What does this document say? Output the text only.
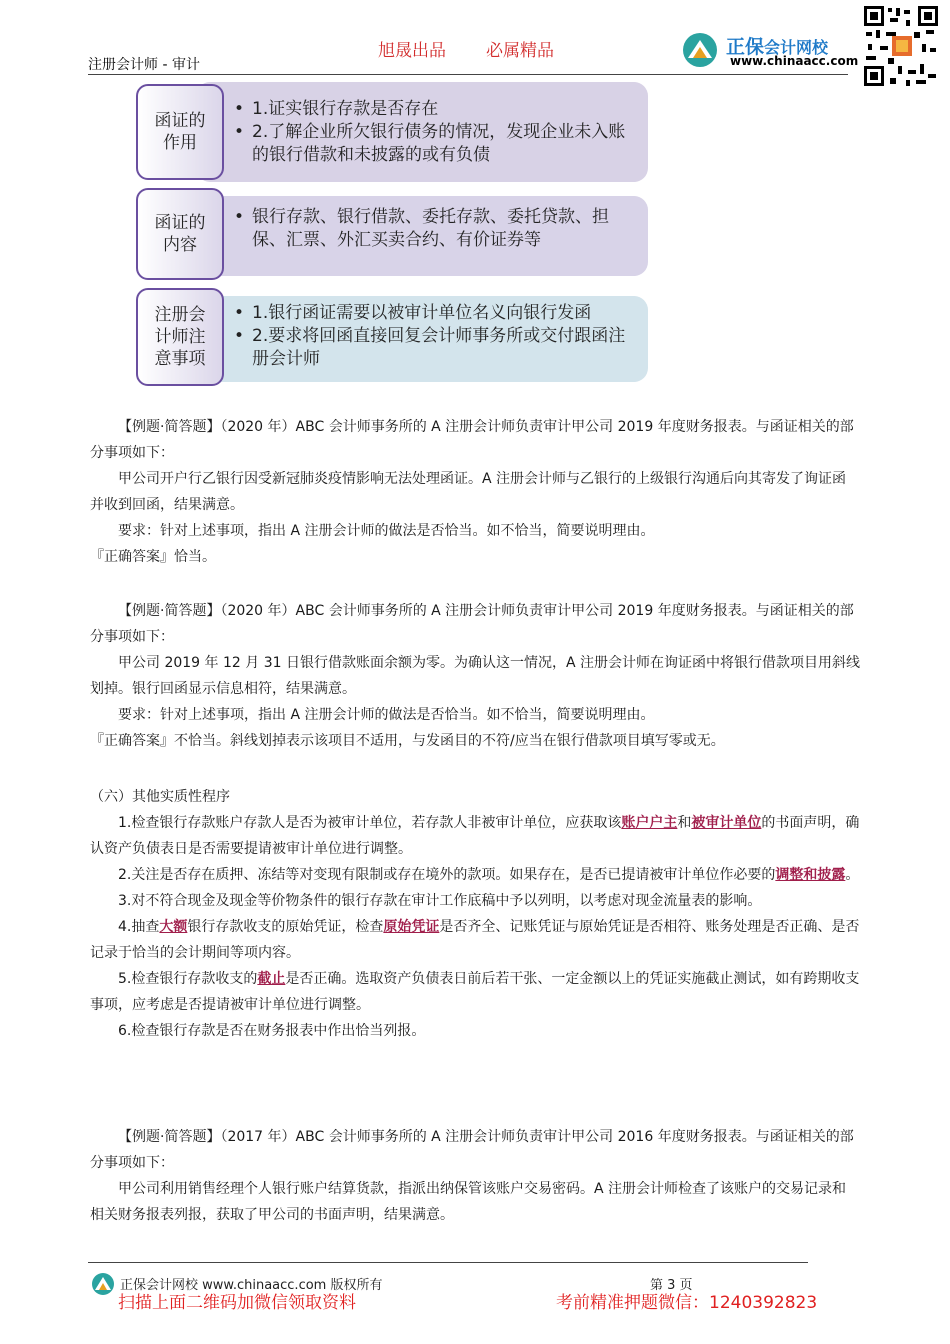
注册会计师 - 审计
旭晟出品 必属精品	正保会计网校
www.chinaacc.com
函证的
作用
• 1.证实银行存款是否存在
• 2.了解企业所欠银行债务的情况，发现企业未入账的银行借款和未披露的或有负债
函证的
内容
• 银行存款、银行借款、委托存款、委托贷款、担保、汇票、外汇买卖合约、有价证券等
注册会
计师注
意事项
• 1.银行函证需要以被审计单位名义向银行发函
• 2.要求将回函直接回复会计师事务所或交付跟函注册会计师
【例题·简答题】（2020 年）ABC 会计师事务所的 A 注册会计师负责审计甲公司 2019 年度财务报表。与函证相关的部分事项如下：
甲公司开户行乙银行因受新冠肺炎疫情影响无法处理函证。A 注册会计师与乙银行的上级银行沟通后向其寄发了询证函并收到回函，结果满意。
要求：针对上述事项，指出 A 注册会计师的做法是否恰当。如不恰当，简要说明理由。
『正确答案』恰当。
【例题·简答题】（2020 年）ABC 会计师事务所的 A 注册会计师负责审计甲公司 2019 年度财务报表。与函证相关的部分事项如下：
甲公司 2019 年 12 月 31 日银行借款账面余额为零。为确认这一情况，A 注册会计师在询证函中将银行借款项目用斜线划掉。银行回函显示信息相符，结果满意。
要求：针对上述事项，指出 A 注册会计师的做法是否恰当。如不恰当，简要说明理由。
『正确答案』不恰当。斜线划掉表示该项目不适用，与发函目的不符/应当在银行借款项目填写零或无。
（六）其他实质性程序
1.检查银行存款账户存款人是否为被审计单位，若存款人非被审计单位，应获取该账户户主和被审计单位的书面声明，确认资产负债表日是否需要提请被审计单位进行调整。
2.关注是否存在质押、冻结等对变现有限制或存在境外的款项。如果存在，是否已提请被审计单位作必要的调整和披露。
3.对不符合现金及现金等价物条件的银行存款在审计工作底稿中予以列明，以考虑对现金流量表的影响。
4.抽查大额银行存款收支的原始凭证，检查原始凭证是否齐全、记账凭证与原始凭证是否相符、账务处理是否正确、是否记录于恰当的会计期间等项内容。
5.检查银行存款收支的截止是否正确。选取资产负债表日前后若干张、一定金额以上的凭证实施截止测试，如有跨期收支事项，应考虑是否提请被审计单位进行调整。
6.检查银行存款是否在财务报表中作出恰当列报。
【例题·简答题】（2017 年）ABC 会计师事务所的 A 注册会计师负责审计甲公司 2016 年度财务报表。与函证相关的部分事项如下：
甲公司利用销售经理个人银行账户结算货款，指派出纳保管该账户交易密码。A 注册会计师检查了该账户的交易记录和相关财务报表列报，获取了甲公司的书面声明，结果满意。
正保会计网校 www.chinaacc.com 版权所有	第 3 页
扫描上面二维码加微信领取资料	考前精准押题微信：1240392823
